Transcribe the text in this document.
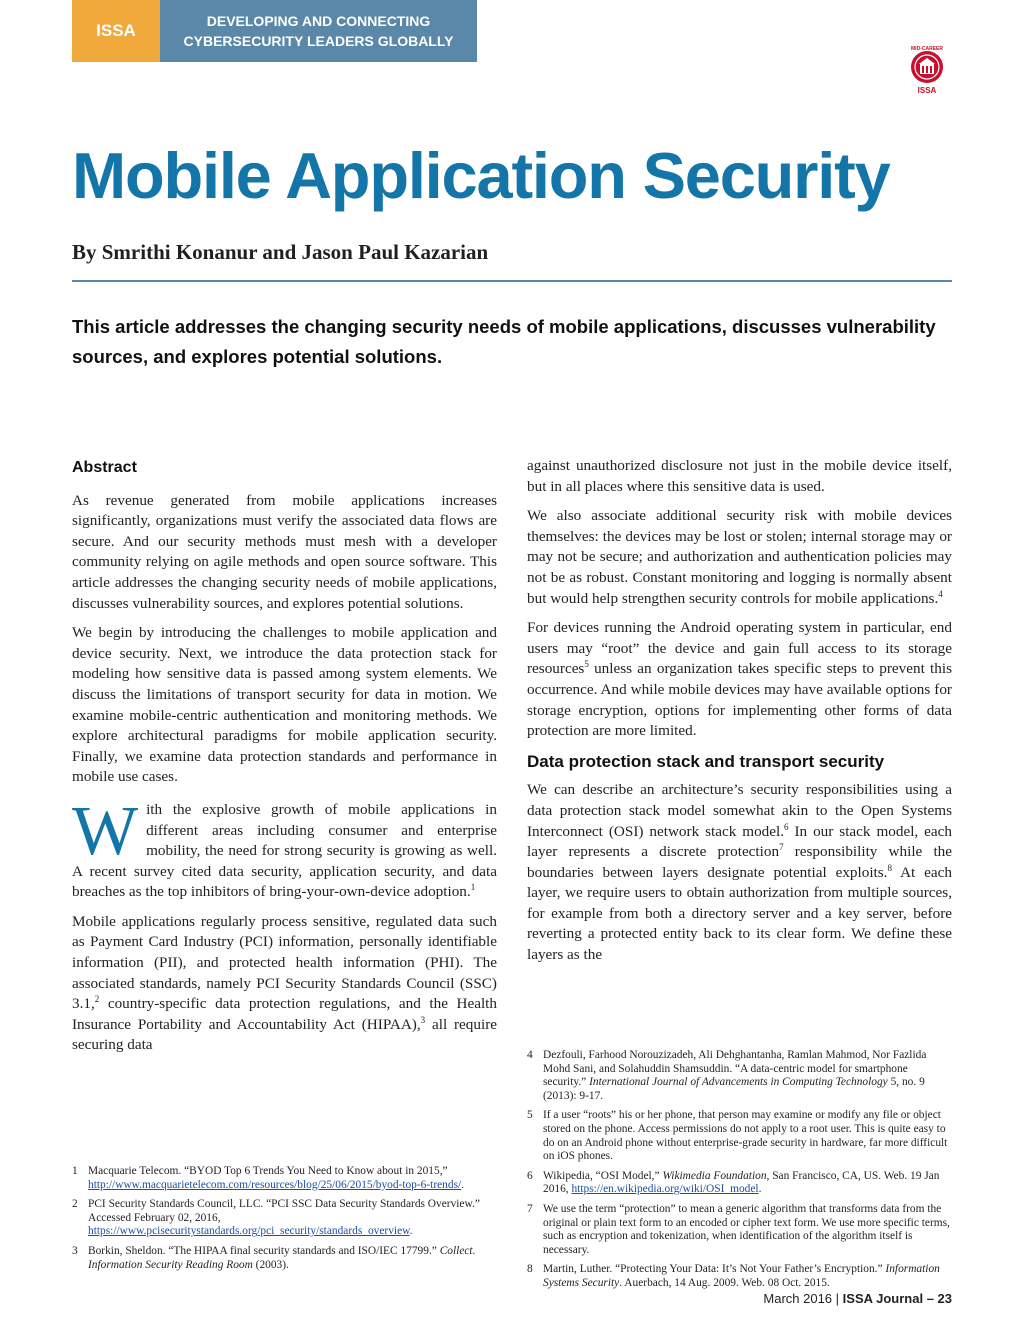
ISSA	DEVELOPING AND CONNECTING
CYBERSECURITY LEADERS GLOBALLY	MID-CAREER
ISSA
Mobile Application Security
By Smrithi Konanur and Jason Paul Kazarian
This article addresses the changing security needs of mobile applications, discusses vulnerability sources, and explores potential solutions.
Abstract

As revenue generated from mobile applications increases significantly, organizations must verify the associated data flows are secure. And our security methods must mesh with a developer community relying on agile methods and open source software. This article addresses the changing security needs of mobile applications, discusses vulnerability sources, and explores potential solutions.

We begin by introducing the challenges to mobile application and device security. Next, we introduce the data protection stack for modeling how sensitive data is passed among system elements. We discuss the limitations of transport security for data in motion. We examine mobile-centric authentication and monitoring methods. We explore architectural paradigms for mobile application security. Finally, we examine data protection standards and performance in mobile use cases.

With the explosive growth of mobile applications in different areas including consumer and enterprise mobility, the need for strong security is growing as well. A recent survey cited data security, application security, and data breaches as the top inhibitors of bring-your-own-device adoption.$^1$

Mobile applications regularly process sensitive, regulated data such as Payment Card Industry (PCI) information, personally identifiable information (PII), and protected health information (PHI). The associated standards, namely PCI Security Standards Council (SSC) 3.1,$^2$ country-specific data protection regulations, and the Health Insurance Portability and Accountability Act (HIPAA),$^3$ all require securing data

against unauthorized disclosure not just in the mobile device itself, but in all places where this sensitive data is used.

We also associate additional security risk with mobile devices themselves: the devices may be lost or stolen; internal storage may or may not be secure; and authorization and authentication policies may not be as robust. Constant monitoring and logging is normally absent but would help strengthen security controls for mobile applications.$^4$

For devices running the Android operating system in particular, end users may “root” the device and gain full access to its storage resources$^5$ unless an organization takes specific steps to prevent this occurrence. And while mobile devices may have available options for storage encryption, options for implementing other forms of data protection are more limited.

Data protection stack and transport security

We can describe an architecture’s security responsibilities using a data protection stack model somewhat akin to the Open Systems Interconnect (OSI) network stack model.$^6$ In our stack model, each layer represents a discrete protection$^7$ responsibility while the boundaries between layers designate potential exploits.$^8$ At each layer, we require users to obtain authorization from multiple sources, for example from both a directory server and a key server, before reverting a protected entity back to its clear form. We define these layers as the

1 Macquarie Telecom. “BYOD Top 6 Trends You Need to Know about in 2015,” http://www.macquarietelecom.com/resources/blog/25/06/2015/byod-top-6-trends/.
2 PCI Security Standards Council, LLC. “PCI SSC Data Security Standards Overview.” Accessed February 02, 2016, https://www.pcisecuritystandards.org/pci_security/standards_overview.
3 Borkin, Sheldon. “The HIPAA final security standards and ISO/IEC 17799.” Collect. Information Security Reading Room (2003).
4 Dezfouli, Farhood Norouzizadeh, Ali Dehghantanha, Ramlan Mahmod, Nor Fazlida Mohd Sani, and Solahuddin Shamsuddin. “A data-centric model for smartphone security.” International Journal of Advancements in Computing Technology 5, no. 9 (2013): 9-17.
5 If a user “roots” his or her phone, that person may examine or modify any file or object stored on the phone. Access permissions do not apply to a root user. This is quite easy to do on an Android phone without enterprise-grade security in hardware, far more difficult on iOS phones.
6 Wikipedia, “OSI Model,” Wikimedia Foundation, San Francisco, CA, US. Web. 19 Jan 2016, https://en.wikipedia.org/wiki/OSI_model.
7 We use the term “protection” to mean a generic algorithm that transforms data from the original or plain text form to an encoded or cipher text form. We use more specific terms, such as encryption and tokenization, when identification of the algorithm itself is necessary.
8 Martin, Luther. “Protecting Your Data: It’s Not Your Father’s Encryption.” Information Systems Security. Auerbach, 14 Aug. 2009. Web. 08 Oct. 2015.
March 2016 | ISSA Journal – 23
